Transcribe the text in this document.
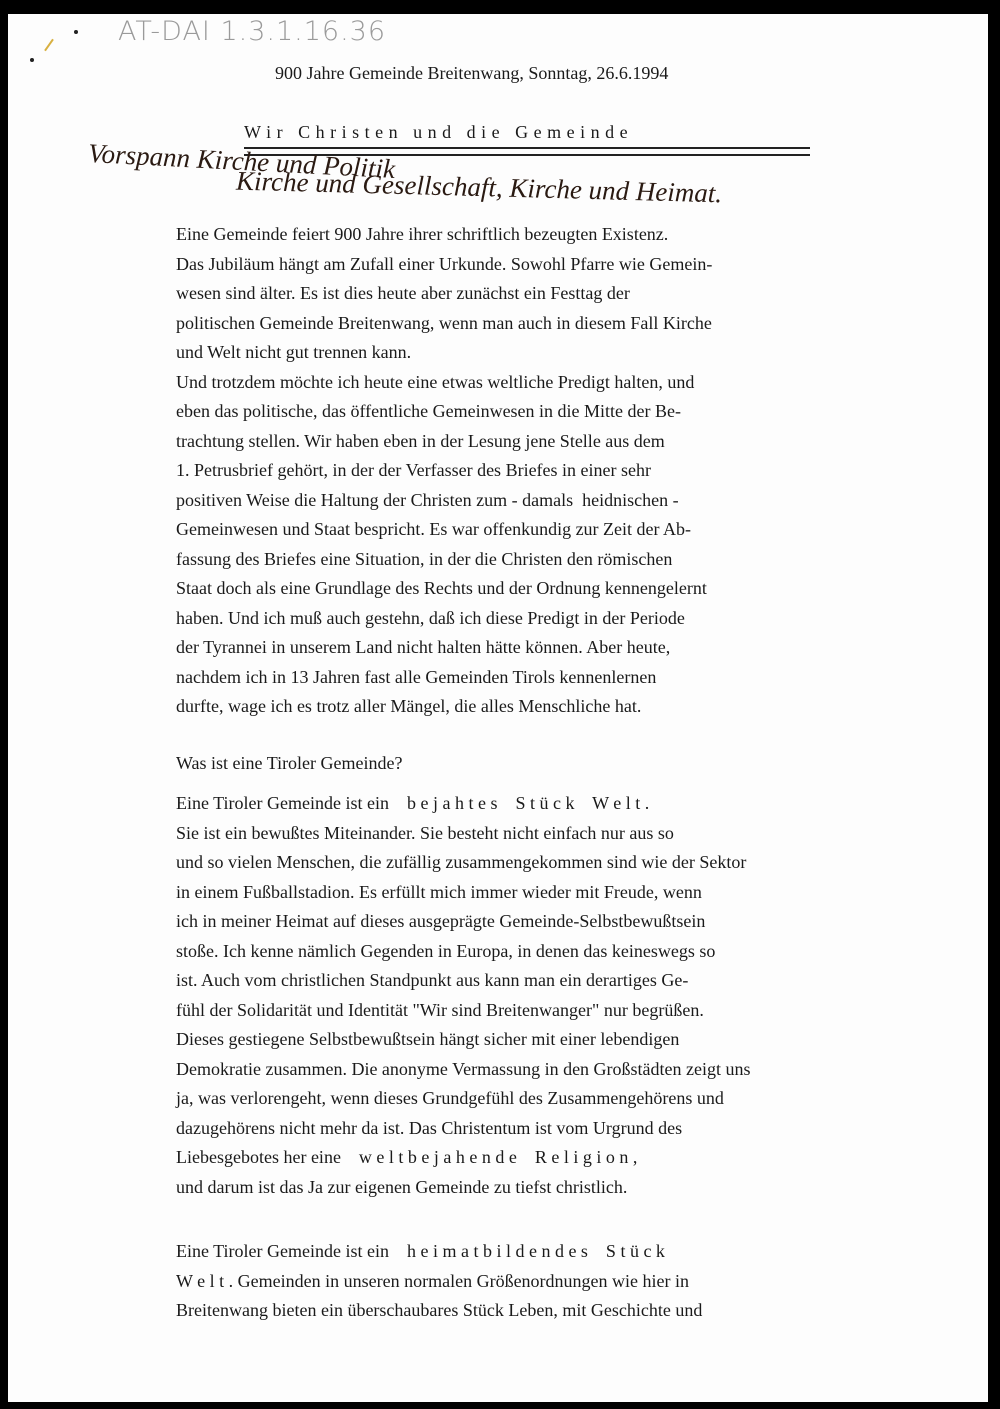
AT-DAI 1.3.1.16.36
900 Jahre Gemeinde Breitenwang, Sonntag, 26.6.1994
W i r   C h r i s t e n   u n d   d i e   G e m e i n d e
Vorspann Kirche und Politik
Kirche und Gesellschaft, Kirche und Heimat.
Eine Gemeinde feiert 900 Jahre ihrer schriftlich bezeugten Existenz.
Das Jubiläum hängt am Zufall einer Urkunde. Sowohl Pfarre wie Gemein-
wesen sind älter. Es ist dies heute aber zunächst ein Festtag der
politischen Gemeinde Breitenwang, wenn man auch in diesem Fall Kirche
und Welt nicht gut trennen kann.
Und trotzdem möchte ich heute eine etwas weltliche Predigt halten, und
eben das politische, das öffentliche Gemeinwesen in die Mitte der Be-
trachtung stellen. Wir haben eben in der Lesung jene Stelle aus dem
1. Petrusbrief gehört, in der der Verfasser des Briefes in einer sehr
positiven Weise die Haltung der Christen zum - damals  heidnischen -
Gemeinwesen und Staat bespricht. Es war offenkundig zur Zeit der Ab-
fassung des Briefes eine Situation, in der die Christen den römischen
Staat doch als eine Grundlage des Rechts und der Ordnung kennengelernt
haben. Und ich muß auch gestehn, daß ich diese Predigt in der Periode
der Tyrannei in unserem Land nicht halten hätte können. Aber heute,
nachdem ich in 13 Jahren fast alle Gemeinden Tirols kennenlernen
durfte, wage ich es trotz aller Mängel, die alles Menschliche hat.
Was ist eine Tiroler Gemeinde?
Eine Tiroler Gemeinde ist ein    b e j a h t e s    S t ü c k    W e l t .
Sie ist ein bewußtes Miteinander. Sie besteht nicht einfach nur aus so
und so vielen Menschen, die zufällig zusammengekommen sind wie der Sektor
in einem Fußballstadion. Es erfüllt mich immer wieder mit Freude, wenn
ich in meiner Heimat auf dieses ausgeprägte Gemeinde-Selbstbewußtsein
stoße. Ich kenne nämlich Gegenden in Europa, in denen das keineswegs so
ist. Auch vom christlichen Standpunkt aus kann man ein derartiges Ge-
fühl der Solidarität und Identität "Wir sind Breitenwanger" nur begrüßen.
Dieses gestiegene Selbstbewußtsein hängt sicher mit einer lebendigen
Demokratie zusammen. Die anonyme Vermassung in den Großstädten zeigt uns
ja, was verlorengeht, wenn dieses Grundgefühl des Zusammengehörens und
dazugehörens nicht mehr da ist. Das Christentum ist vom Urgrund des
Liebesgebotes her eine    w e l t b e j a h e n d e    R e l i g i o n ,
und darum ist das Ja zur eigenen Gemeinde zu tiefst christlich.
Eine Tiroler Gemeinde ist ein    h e i m a t b i l d e n d e s    S t ü c k
W e l t . Gemeinden in unseren normalen Größenordnungen wie hier in
Breitenwang bieten ein überschaubares Stück Leben, mit Geschichte und
